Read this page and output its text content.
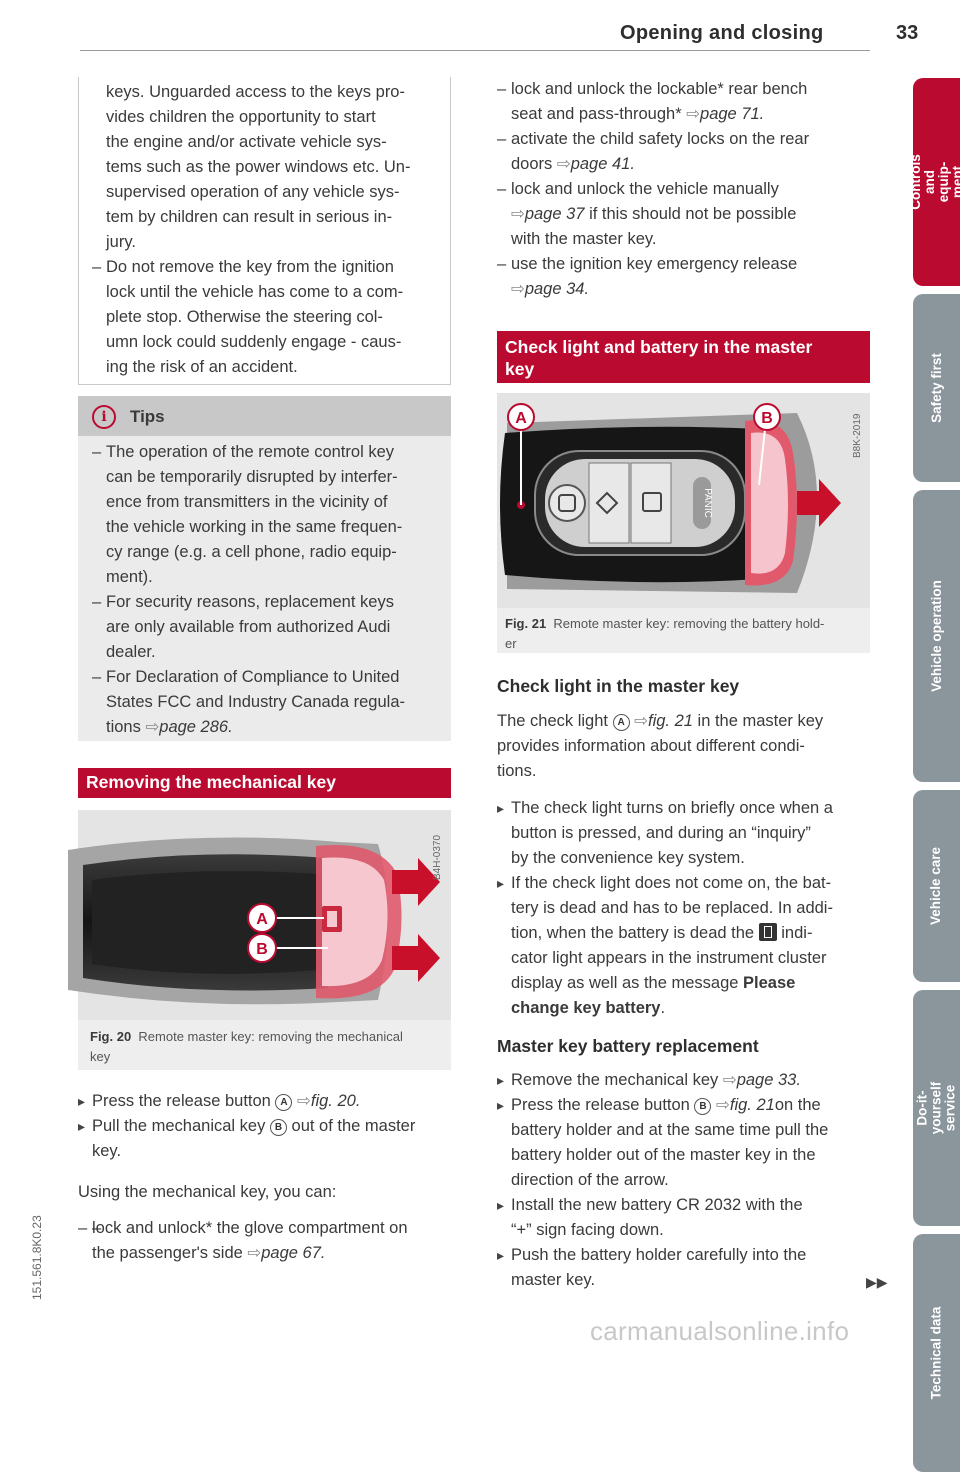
Opening and closing	33
Controls and equip-
ment
Safety first
Vehicle operation
Vehicle care
Do-it-yourself
service
Technical data
keys. Unguarded access to the keys pro-
vides children the opportunity to start
the engine and/or activate vehicle sys-
tems such as the power windows etc. Un-
supervised operation of any vehicle sys-
tem by children can result in serious in-
jury.
– Do not remove the key from the ignition
lock until the vehicle has come to a com-
plete stop. Otherwise the steering col-
umn lock could suddenly engage - caus-
ing the risk of an accident.
i	Tips
– The operation of the remote control key
can be temporarily disrupted by interfer-
ence from transmitters in the vicinity of
the vehicle working in the same frequen-
cy range (e.g. a cell phone, radio equip-
ment).
– For security reasons, replacement keys
are only available from authorized Audi
dealer.
– For Declaration of Compliance to United
States FCC and Industry Canada regula-
tions ⇨page 286.
Removing the mechanical key
A
B
B4H-0370
Fig. 20 Remote master key: removing the mechanical
key
▸ Press the release button A ⇨fig. 20.
▸ Pull the mechanical key B out of the master
key.
Using the mechanical key, you can:
– – lock and unlock* the glove compartment on
the passenger's side ⇨page 67.
– lock and unlock the lockable* rear bench
seat and pass-through* ⇨page 71.
– activate the child safety locks on the rear
doors ⇨page 41.
– lock and unlock the vehicle manually
⇨page 37 if this should not be possible
with the master key.
– use the ignition key emergency release
⇨page 34.
Check light and battery in the master
key
PANIC
A	B	B8K-2019
Fig. 21 Remote master key: removing the battery hold-
er
Check light in the master key
The check light A ⇨fig. 21 in the master key
provides information about different condi-
tions.
▸ The check light turns on briefly once when a
button is pressed, and during an “inquiry”
by the convenience key system.
▸ If the check light does not come on, the bat-
tery is dead and has to be replaced. In addi-
tion, when the battery is dead the indi-
cator light appears in the instrument cluster
display as well as the message Please
change key battery.
Master key battery replacement
▸ Remove the mechanical key ⇨page 33.
▸ Press the release button B ⇨fig. 21on the
battery holder and at the same time pull the
battery holder out of the master key in the
direction of the arrow.
▸ Install the new battery CR 2032 with the
“+” sign facing down.
▸ Push the battery holder carefully into the
master key.	▶▶
151.561.8K0.23
carmanualsonline.info
